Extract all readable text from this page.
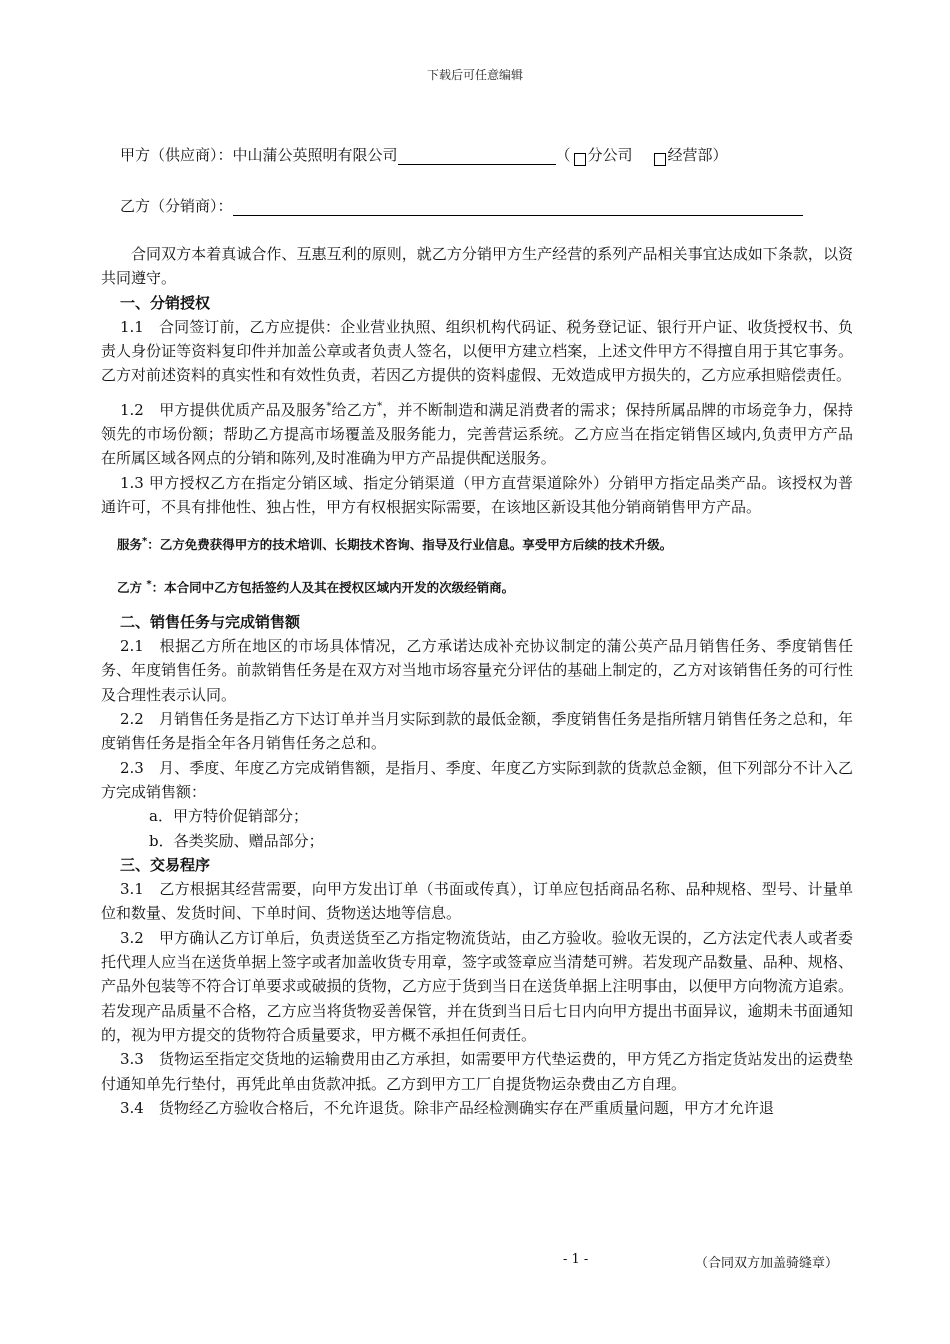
下载后可任意编辑
甲方（供应商）：中山蒲公英照明有限公司	（ 分公司 经营部）
乙方（分销商）：

合同双方本着真诚合作、互惠互利的原则，就乙方分销甲方生产经营的系列产品相关事宜达成如下条款，以资共同遵守。

一、分销授权

1.1　合同签订前，乙方应提供：企业营业执照、组织机构代码证、税务登记证、银行开户证、收货授权书、负责人身份证等资料复印件并加盖公章或者负责人签名，以便甲方建立档案，上述文件甲方不得擅自用于其它事务。乙方对前述资料的真实性和有效性负责，若因乙方提供的资料虚假、无效造成甲方损失的，乙方应承担赔偿责任。

1.2　甲方提供优质产品及服务*给乙方*，并不断制造和满足消费者的需求；保持所属品牌的市场竞争力，保持领先的市场份额；帮助乙方提高市场覆盖及服务能力，完善营运系统。乙方应当在指定销售区域内,负责甲方产品在所属区域各网点的分销和陈列,及时准确为甲方产品提供配送服务。

1.3 甲方授权乙方在指定分销区域、指定分销渠道（甲方直营渠道除外）分销甲方指定品类产品。该授权为普通许可，不具有排他性、独占性，甲方有权根据实际需要，在该地区新设其他分销商销售甲方产品。

服务*：乙方免费获得甲方的技术培训、长期技术咨询、指导及行业信息。享受甲方后续的技术升级。

乙方 *：本合同中乙方包括签约人及其在授权区域内开发的次级经销商。

二、销售任务与完成销售额

2.1　根据乙方所在地区的市场具体情况，乙方承诺达成补充协议制定的蒲公英产品月销售任务、季度销售任务、年度销售任务。前款销售任务是在双方对当地市场容量充分评估的基础上制定的，乙方对该销售任务的可行性及合理性表示认同。

2.2　月销售任务是指乙方下达订单并当月实际到款的最低金额，季度销售任务是指所辖月销售任务之总和，年度销售任务是指全年各月销售任务之总和。

2.3　月、季度、年度乙方完成销售额，是指月、季度、年度乙方实际到款的货款总金额，但下列部分不计入乙方完成销售额：

a．甲方特价促销部分；

b．各类奖励、赠品部分；

三、交易程序

3.1　乙方根据其经营需要，向甲方发出订单（书面或传真），订单应包括商品名称、品种规格、型号、计量单位和数量、发货时间、下单时间、货物送达地等信息。

3.2　甲方确认乙方订单后，负责送货至乙方指定物流货站，由乙方验收。验收无误的，乙方法定代表人或者委托代理人应当在送货单据上签字或者加盖收货专用章，签字或签章应当清楚可辨。若发现产品数量、品种、规格、产品外包装等不符合订单要求或破损的货物，乙方应于货到当日在送货单据上注明事由，以便甲方向物流方追索。若发现产品质量不合格，乙方应当将货物妥善保管，并在货到当日后七日内向甲方提出书面异议，逾期未书面通知的，视为甲方提交的货物符合质量要求，甲方概不承担任何责任。

3.3　货物运至指定交货地的运输费用由乙方承担，如需要甲方代垫运费的，甲方凭乙方指定货站发出的运费垫付通知单先行垫付，再凭此单由货款冲抵。乙方到甲方工厂自提货物运杂费由乙方自理。

3.4　货物经乙方验收合格后，不允许退货。除非产品经检测确实存在严重质量问题，甲方才允许退

- 1 -	（合同双方加盖骑缝章）
